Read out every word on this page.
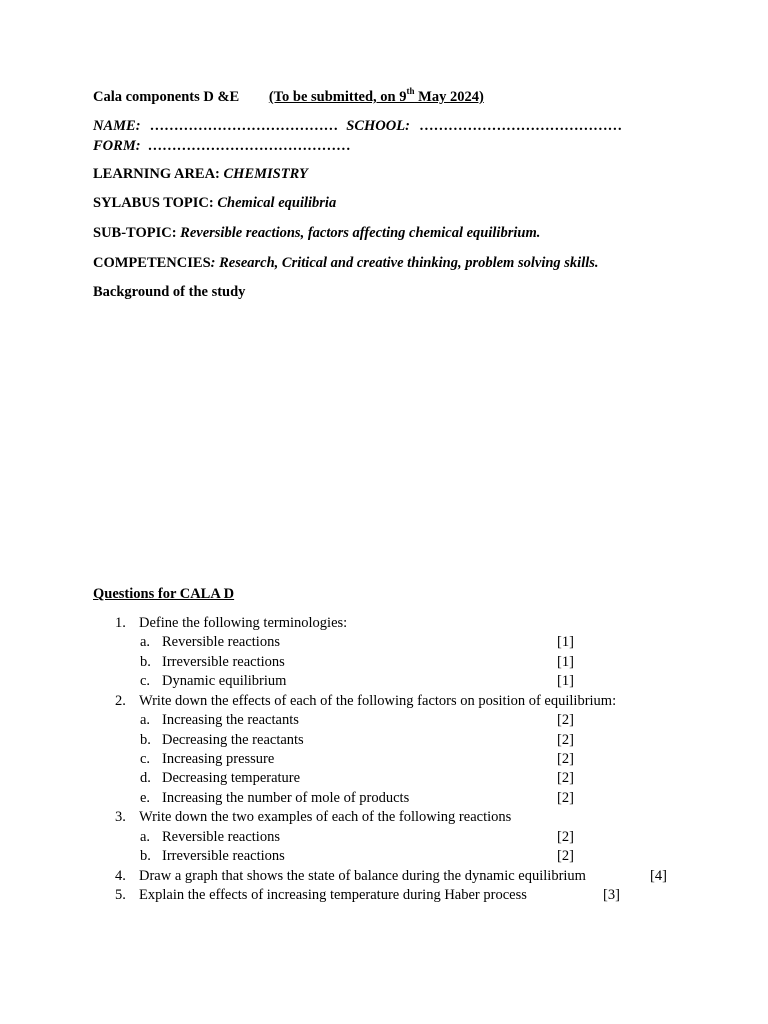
Cala components D &E (To be submitted, on 9th May 2024)
NAME: ………………………………… SCHOOL: ……………………………………
FORM: ……………………………………
LEARNING AREA: CHEMISTRY
SYLABUS TOPIC: Chemical equilibria
SUB-TOPIC: Reversible reactions, factors affecting chemical equilibrium.
COMPETENCIES: Research, Critical and creative thinking, problem solving skills.
Background of the study
Questions for CALA D
1. Define the following terminologies:
a. Reversible reactions	[1]
b. Irreversible reactions	[1]
c. Dynamic equilibrium	[1]
2. Write down the effects of each of the following factors on position of equilibrium:
a. Increasing the reactants	[2]
b. Decreasing the reactants	[2]
c. Increasing pressure	[2]
d. Decreasing temperature	[2]
e. Increasing the number of mole of products	[2]
3. Write down the two examples of each of the following reactions
a. Reversible reactions	[2]
b. Irreversible reactions	[2]
4. Draw a graph that shows the state of balance during the dynamic equilibrium	[4]
5. Explain the effects of increasing temperature during Haber process	[3]
